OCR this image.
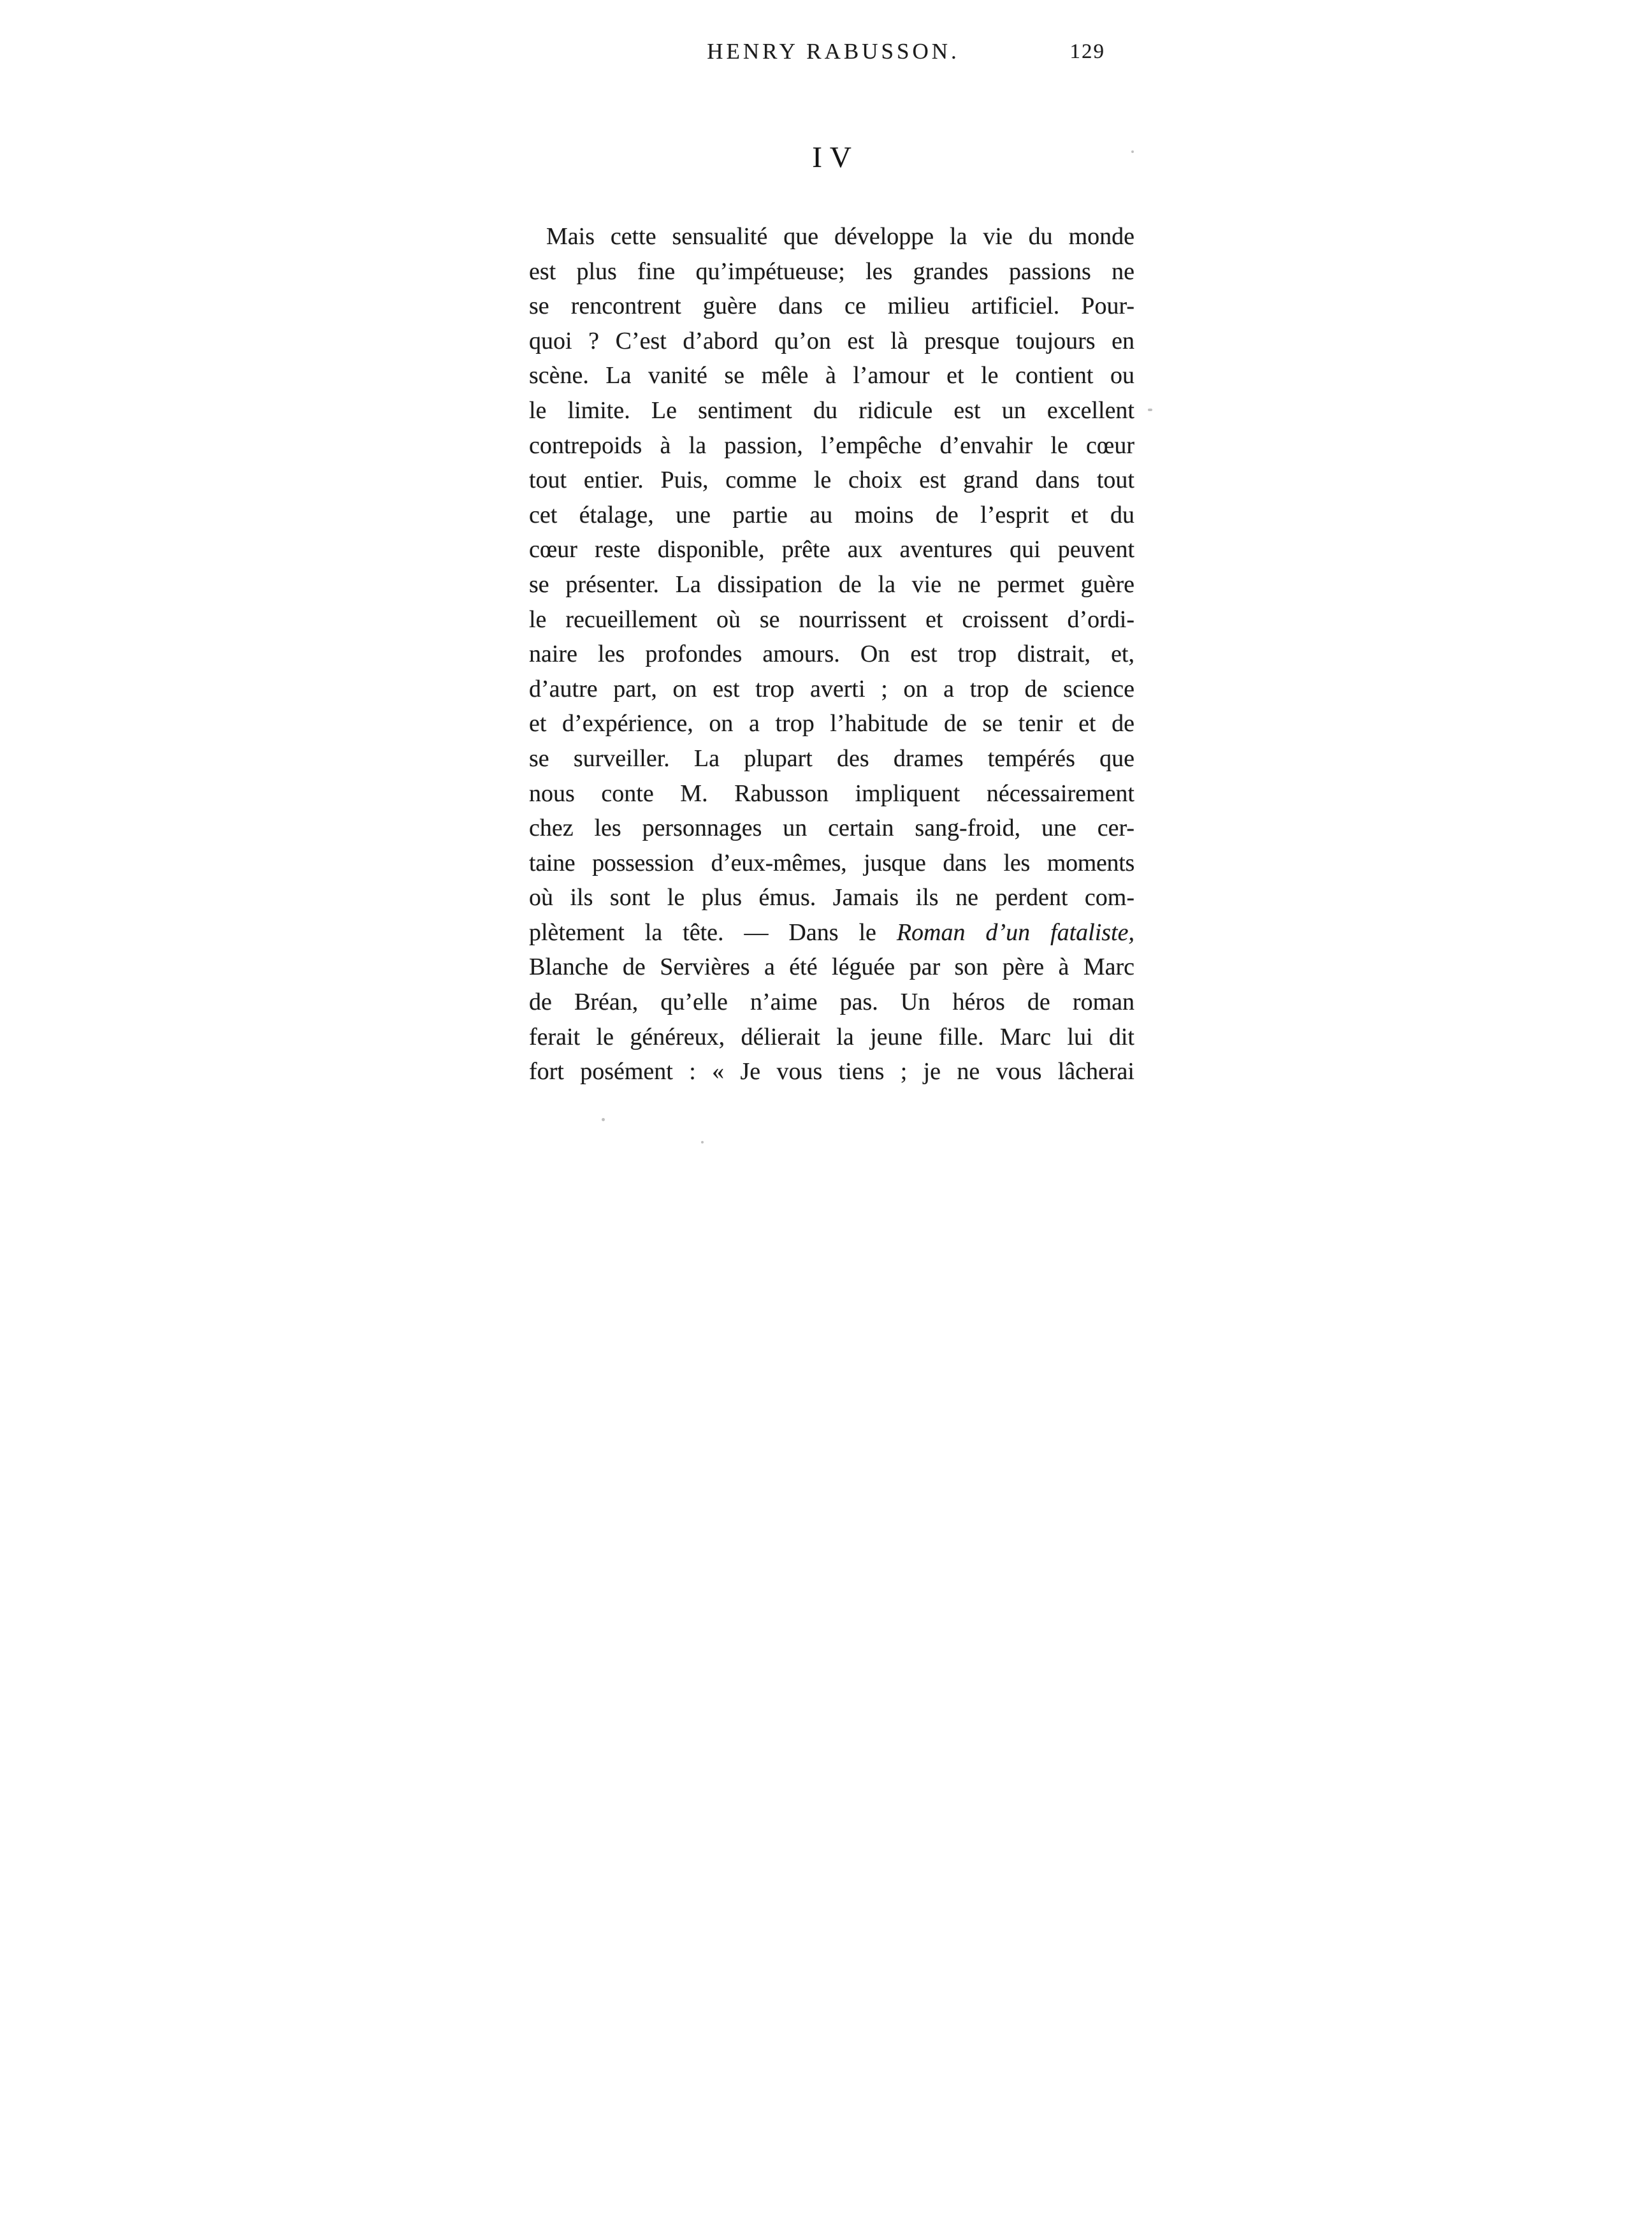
HENRY RABUSSON.	129
IV
Mais cette sensualité que développe la vie du monde
est plus fine qu’impétueuse; les grandes passions ne
se rencontrent guère dans ce milieu artificiel. Pour-
quoi ? C’est d’abord qu’on est là presque toujours en
scène. La vanité se mêle à l’amour et le contient ou
le limite. Le sentiment du ridicule est un excellent
contrepoids à la passion, l’empêche d’envahir le cœur
tout entier. Puis, comme le choix est grand dans tout
cet étalage, une partie au moins de l’esprit et du
cœur reste disponible, prête aux aventures qui peuvent
se présenter. La dissipation de la vie ne permet guère
le recueillement où se nourrissent et croissent d’ordi-
naire les profondes amours. On est trop distrait, et,
d’autre part, on est trop averti ; on a trop de science
et d’expérience, on a trop l’habitude de se tenir et de
se surveiller. La plupart des drames tempérés que
nous conte M. Rabusson impliquent nécessairement
chez les personnages un certain sang-froid, une cer-
taine possession d’eux-mêmes, jusque dans les moments
où ils sont le plus émus. Jamais ils ne perdent com-
plètement la tête. — Dans le Roman d’un fataliste,
Blanche de Servières a été léguée par son père à Marc
de Bréan, qu’elle n’aime pas. Un héros de roman
ferait le généreux, délierait la jeune fille. Marc lui dit
fort posément : « Je vous tiens ; je ne vous lâcherai
